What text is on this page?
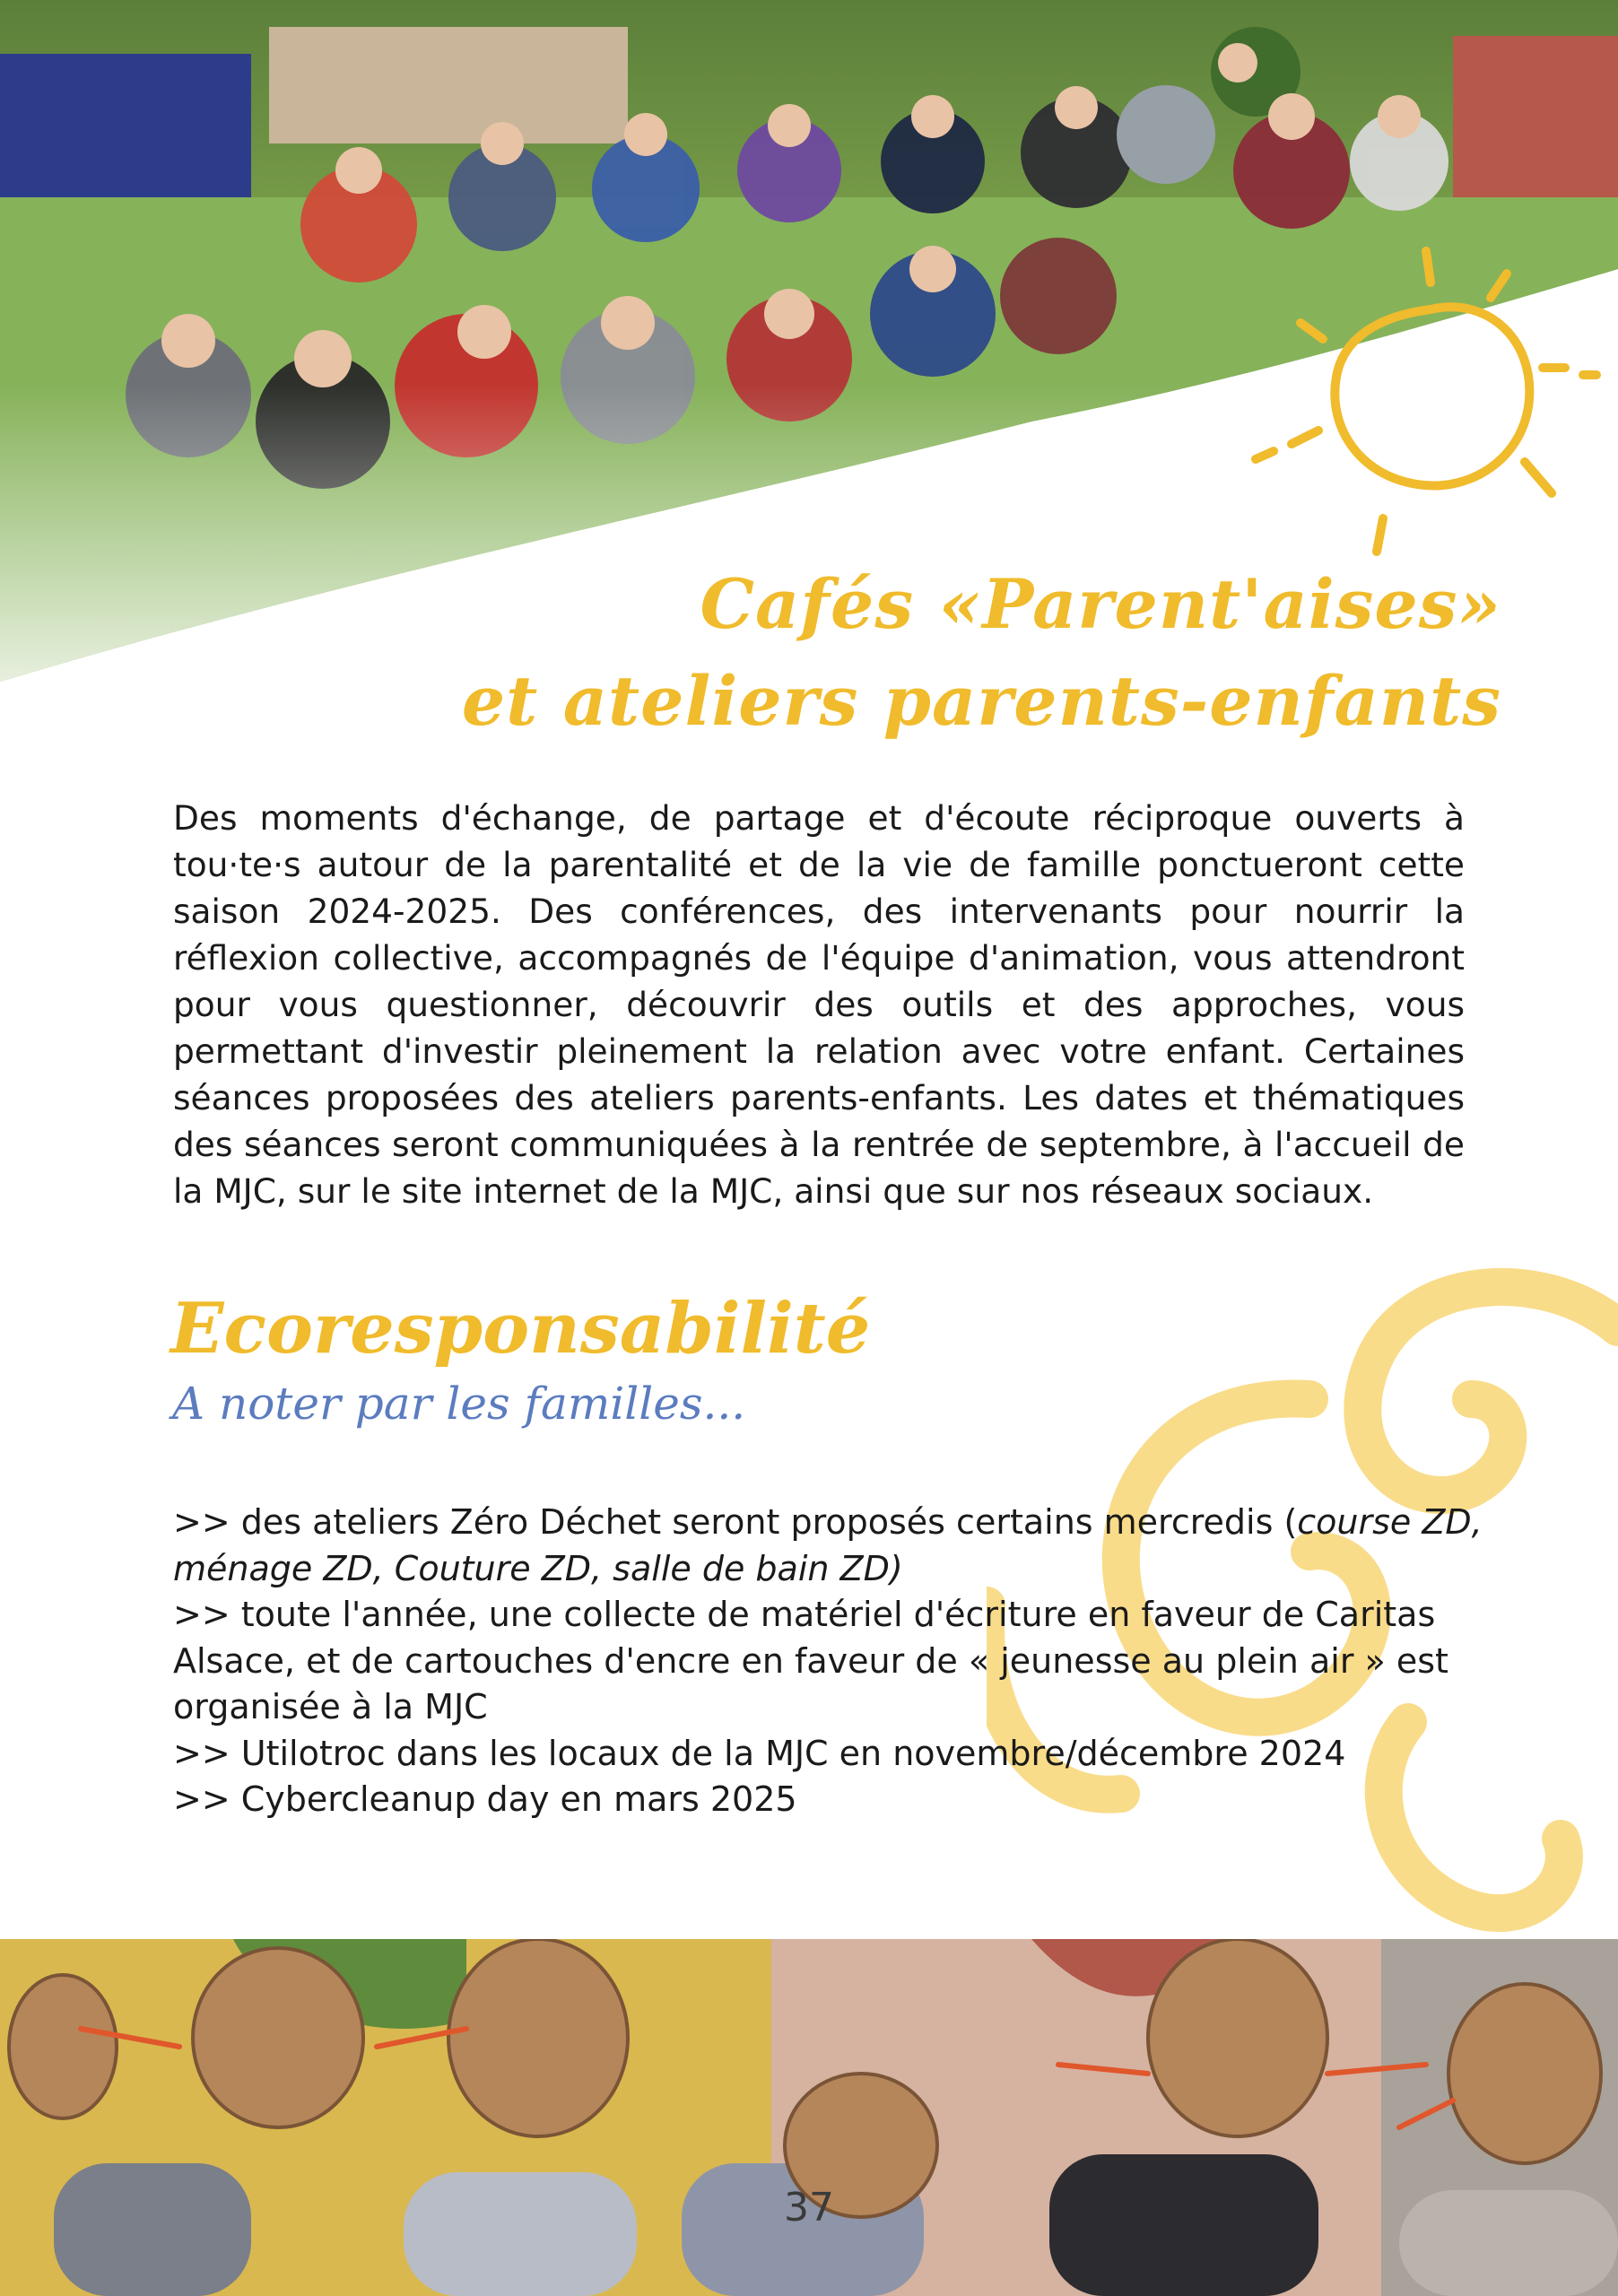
Cafés «Parent'aises»
et ateliers parents-enfants
Des moments d'échange, de partage et d'écoute réciproque ouverts à tou·te·s autour de la parentalité et de la vie de famille ponctueront cette saison 2024-2025. Des conférences, des intervenants pour nourrir la réflexion collective, accompagnés de l'équipe d'animation, vous attendront pour vous questionner, découvrir des outils et des approches, vous permettant d'investir pleinement la relation avec votre enfant. Certaines séances proposées des ateliers parents-enfants. Les dates et thématiques des séances seront communiquées à la rentrée de septembre, à l'accueil de la MJC, sur le site internet de la MJC, ainsi que sur nos réseaux sociaux.
Ecoresponsabilité
A noter par les familles...
>> des ateliers Zéro Déchet seront proposés certains mercredis (course ZD, ménage ZD, Couture ZD, salle de bain ZD)
>> toute l'année, une collecte de matériel d'écriture en faveur de Caritas Alsace, et de cartouches d'encre en faveur de « jeunesse au plein air » est organisée à la MJC
>> Utilotroc dans les locaux de la MJC en novembre/décembre 2024
>> Cybercleanup day en mars 2025
37
